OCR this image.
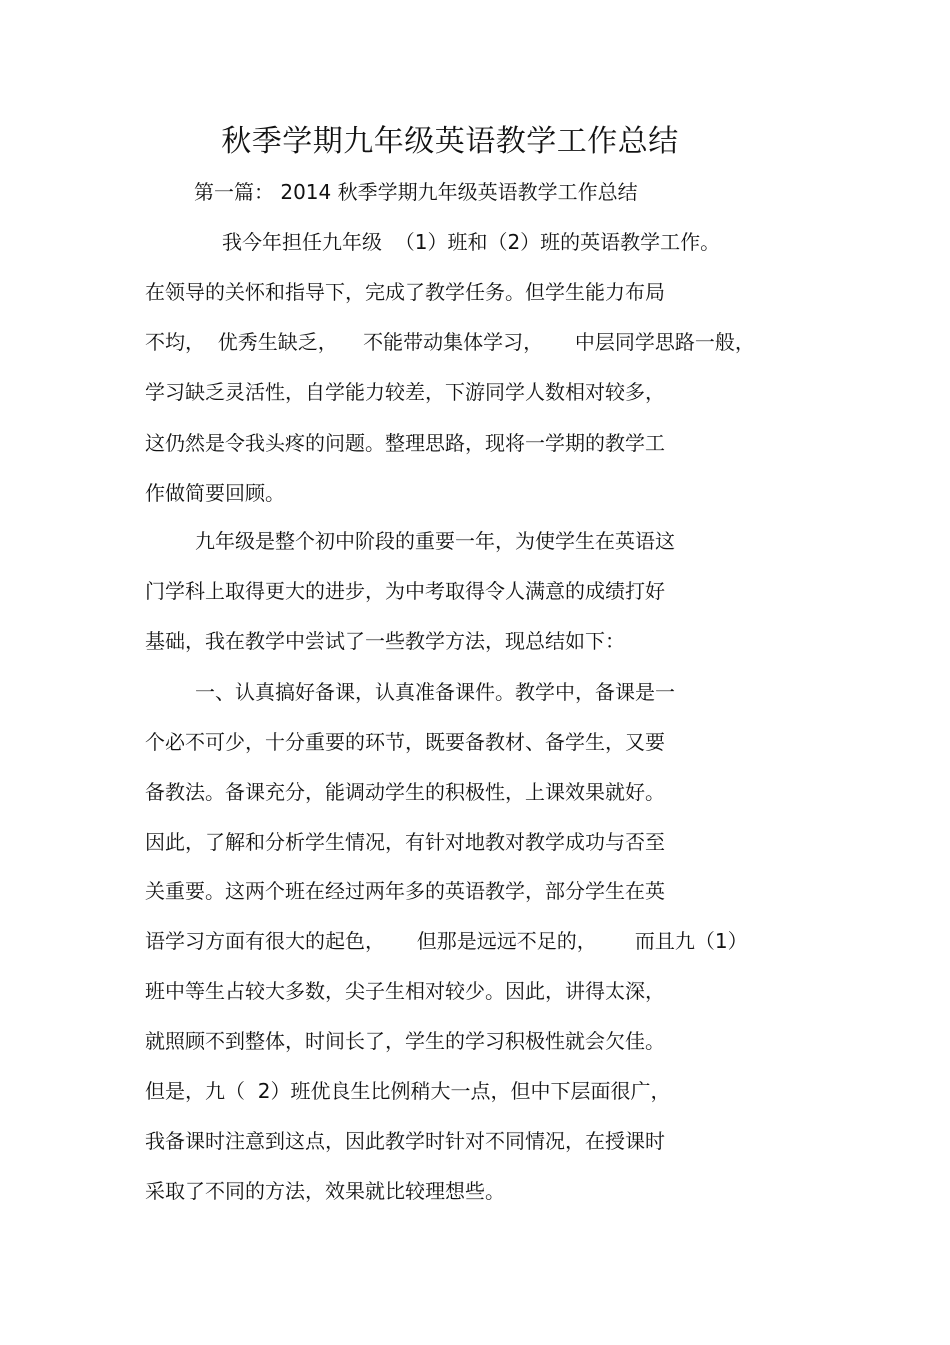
秋季学期九年级英语教学工作总结
第一篇： 2014 秋季学期九年级英语教学工作总结
我今年担任九年级  （1）班和（2）班的英语教学工作。
在领导的关怀和指导下，完成了教学任务。但学生能力布局
不均，  优秀生缺乏，    不能带动集体学习，     中层同学思路一般，
学习缺乏灵活性，自学能力较差，下游同学人数相对较多，
这仍然是令我头疼的问题。整理思路，现将一学期的教学工
作做简要回顾。
九年级是整个初中阶段的重要一年，为使学生在英语这
门学科上取得更大的进步，为中考取得令人满意的成绩打好
基础，我在教学中尝试了一些教学方法，现总结如下：
一、认真搞好备课，认真准备课件。教学中，备课是一
个必不可少，十分重要的环节，既要备教材、备学生，又要
备教法。备课充分，能调动学生的积极性，上课效果就好。
因此，了解和分析学生情况，有针对地教对教学成功与否至
关重要。这两个班在经过两年多的英语教学，部分学生在英
语学习方面有很大的起色，     但那是远远不足的，      而且九（1）
班中等生占较大多数，尖子生相对较少。因此，讲得太深，
就照顾不到整体，时间长了，学生的学习积极性就会欠佳。
但是，九（  2）班优良生比例稍大一点，但中下层面很广，
我备课时注意到这点，因此教学时针对不同情况，在授课时
采取了不同的方法，效果就比较理想些。
